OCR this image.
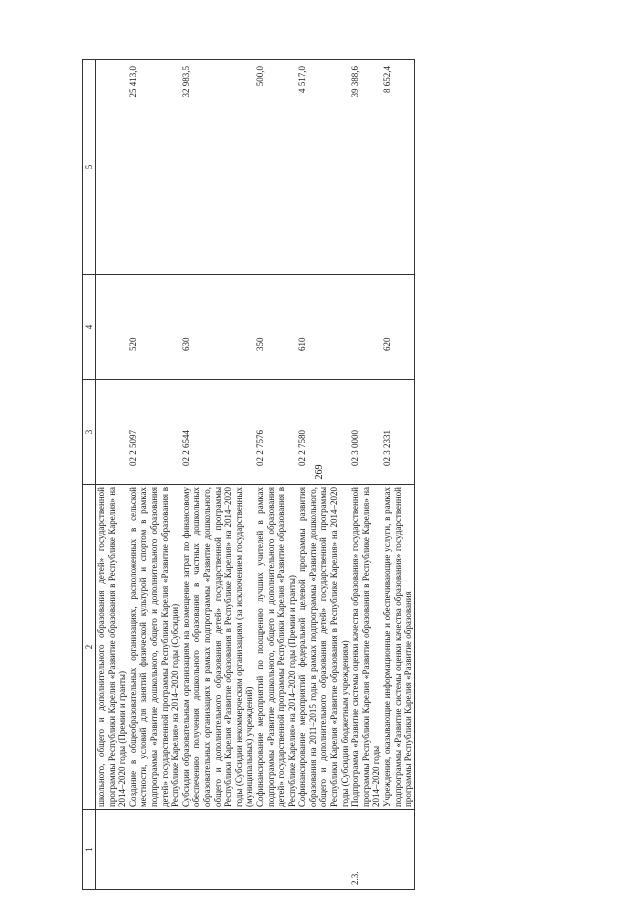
269
1	2	3	4	5
	школьного, общего и дополнительного образования детей» государственной программы Республики Карелия «Развитие образования в Республике Карелия» на 2014–2020 годы (Премии и гранты)			
	Создание в общеобразовательных организациях, расположенных в сельской местности, условий для занятий физической культурой и спортом в рамках подпрограммы «Развитие дошкольного, общего и дополнительного образования детей» государственной программы Республики Карелия «Развитие образования в Республике Карелия» на 2014–2020 годы (Субсидии)	02 2 5097	520	25 413,0
	Субсидии образовательным организациям на возмещение затрат по финансовому обеспечению получения дошкольного образования в частных дошкольных образовательных организациях в рамках подпрограммы «Развитие дошкольного, общего и дополнительного образования детей» государственной программы Республики Карелия «Развитие образования в Республике Карелия» на 2014–2020 годы (Субсидии некоммерческим организациям (за исключением государственных (муниципальных) учреждений)	02 2 6544	630	32 983,5
	Софинансирование мероприятий по поощрению лучших учителей в рамках подпрограммы «Развитие дошкольного, общего и дополнительного образования детей» государственной программы Республики Карелия «Развитие образования в Республике Карелия» на 2014–2020 годы (Премии и гранты)	02 2 7576	350	500,0
	Софинансирование мероприятий федеральной целевой программы развития образования на 2011–2015 годы в рамках подпрограммы «Развитие дошкольного, общего и дополнительного образования детей» государственной программы Республики Карелия «Развитие образования в Республике Карелия» на 2014–2020 годы (Субсидии бюджетным учреждениям)	02 2 7580	610	4 517,0
2.3.	Подпрограмма «Развитие системы оценки качества образования» государственной программы Республики Карелия «Развитие образования в Республике Карелия» на 2014–2020 годы	02 3 0000		39 388,6
	Учреждения, оказывающие информационные и обеспечивающие услуги, в рамках подпрограммы «Развитие системы оценки качества образования» государственной программы Республики Карелия «Развитие образования	02 3 2331	620	8 652,4
